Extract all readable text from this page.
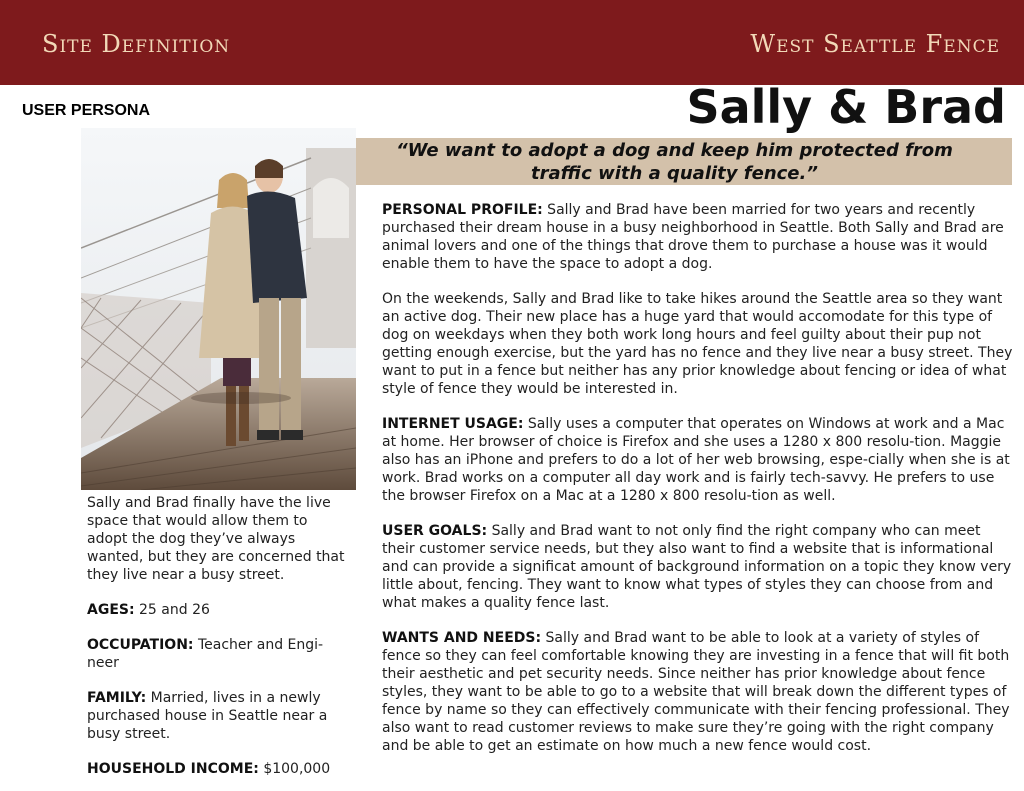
Site Definition	West Seattle Fence
USER PERSONA	Sally & Brad
“We want to adopt a dog and keep him protected from
traffic with a quality fence.”

Sally and Brad finally have the live space that would allow them to adopt the dog they’ve always wanted, but they are concerned that they live near a busy street.

AGES: 25 and 26

OCCUPATION: Teacher and Engi-neer

FAMILY: Married, lives in a newly purchased house in Seattle near a busy street.

HOUSEHOLD INCOME: $100,000

PERSONAL PROFILE: Sally and Brad have been married for two years and recently purchased their dream house in a busy neighborhood in Seattle. Both Sally and Brad are animal lovers and one of the things that drove them to purchase a house was it would enable them to have the space to adopt a dog.

On the weekends, Sally and Brad like to take hikes around the Seattle area so they want an active dog. Their new place has a huge yard that would accomodate for this type of dog on weekdays when they both work long hours and feel guilty about their pup not getting enough exercise, but the yard has no fence and they live near a busy street. They want to put in a fence but neither has any prior knowledge about fencing or idea of what style of fence they would be interested in.

INTERNET USAGE: Sally uses a computer that operates on Windows at work and a Mac at home. Her browser of choice is Firefox and she uses a 1280 x 800 resolu-tion. Maggie also has an iPhone and prefers to do a lot of her web browsing, espe-cially when she is at work. Brad works on a computer all day work and is fairly tech-savvy. He prefers to use the browser Firefox on a Mac at a 1280 x 800 resolu-tion as well.

USER GOALS: Sally and Brad want to not only find the right company who can meet their customer service needs, but they also want to find a website that is informational and can provide a significat amount of background information on a topic they know very little about, fencing. They want to know what types of styles they can choose from and what makes a quality fence last.

WANTS AND NEEDS: Sally and Brad want to be able to look at a variety of styles of fence so they can feel comfortable knowing they are investing in a fence that will fit both their aesthetic and pet security needs. Since neither has prior knowledge about fence styles, they want to be able to go to a website that will break down the different types of fence by name so they can effectively communicate with their fencing professional. They also want to read customer reviews to make sure they’re going with the right company and be able to get an estimate on how much a new fence would cost.
